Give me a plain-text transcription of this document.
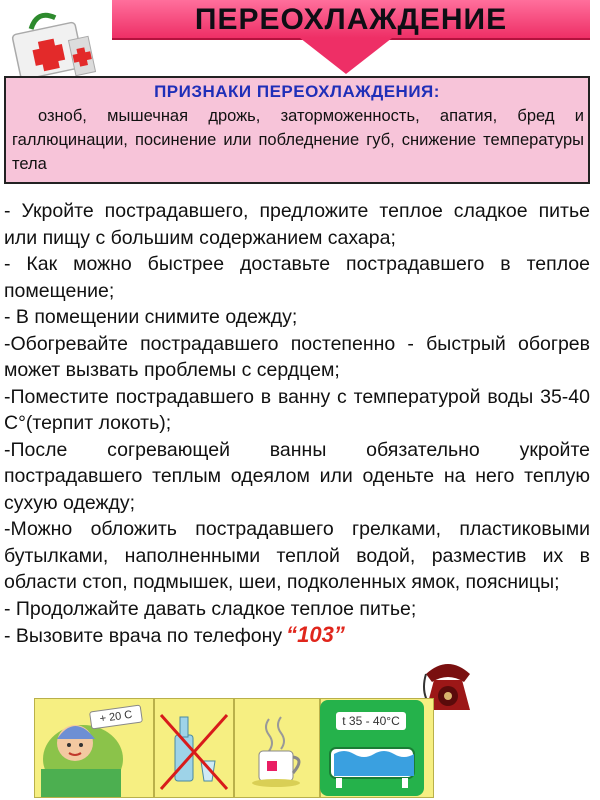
ПЕРЕОХЛАЖДЕНИЕ
ПРИЗНАКИ ПЕРЕОХЛАЖДЕНИЯ:
озноб, мышечная дрожь, заторможенность, апатия, бред и галлюцинации, посинение или побледнение губ, снижение температуры тела

- Укройте пострадавшего, предложите теплое сладкое питье или пищу с большим содержанием сахара;

- Как можно быстрее доставьте пострадавшего в теплое помещение;

- В помещении снимите одежду;

-Обогревайте пострадавшего постепенно - быстрый обогрев может вызвать проблемы с сердцем;

-Поместите пострадавшего в ванну с температурой воды 35-40 С°(терпит локоть);

-После согревающей ванны обязательно укройте пострадавшего теплым одеялом или оденьте на него теплую сухую одежду;

-Можно обложить пострадавшего грелками, пластиковыми бутылками, наполненными теплой водой, разместив их в области стоп, подмышек, шеи, подколенных ямок, поясницы;

- Продолжайте давать сладкое теплое питье;

- Вызовите врача по телефону “103”

+ 20 С	t 35 - 40°С
